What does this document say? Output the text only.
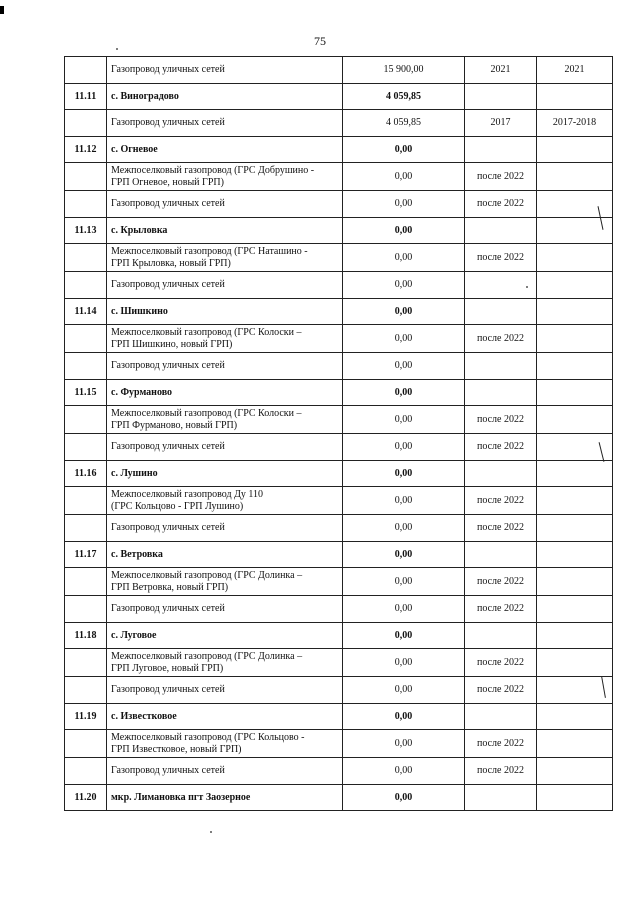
75
	Газопровод уличных сетей	15 900,00	2021	2021
11.11	с. Виноградово	4 059,85		
	Газопровод уличных сетей	4 059,85	2017	2017-2018
11.12	с. Огневое	0,00		
	Межпоселковый газопровод (ГРС Добрушино -
ГРП Огневое, новый ГРП)	0,00	после 2022	
	Газопровод уличных сетей	0,00	после 2022	
11.13	с. Крыловка	0,00		
	Межпоселковый газопровод (ГРС Наташино -
ГРП Крыловка, новый ГРП)	0,00	после 2022	
	Газопровод уличных сетей	0,00		
11.14	с. Шишкино	0,00		
	Межпоселковый газопровод (ГРС Колоски –
ГРП Шишкино, новый ГРП)	0,00	после 2022	
	Газопровод уличных сетей	0,00		
11.15	с. Фурманово	0,00		
	Межпоселковый газопровод (ГРС Колоски –
ГРП Фурманово, новый ГРП)	0,00	после 2022	
	Газопровод уличных сетей	0,00	после 2022	
11.16	с. Лушино	0,00		
	Межпоселковый газопровод Ду 110
(ГРС Кольцово - ГРП Лушино)	0,00	после 2022	
	Газопровод уличных сетей	0,00	после 2022	
11.17	с. Ветровка	0,00		
	Межпоселковый газопровод (ГРС Долинка –
ГРП Ветровка, новый ГРП)	0,00	после 2022	
	Газопровод уличных сетей	0,00	после 2022	
11.18	с. Луговое	0,00		
	Межпоселковый газопровод (ГРС Долинка –
ГРП Луговое, новый ГРП)	0,00	после 2022	
	Газопровод уличных сетей	0,00	после 2022	
11.19	с. Известковое	0,00		
	Межпоселковый газопровод (ГРС Кольцово -
ГРП Известковое, новый ГРП)	0,00	после 2022	
	Газопровод уличных сетей	0,00	после 2022	
11.20	мкр. Лимановка пгт Заозерное	0,00		
